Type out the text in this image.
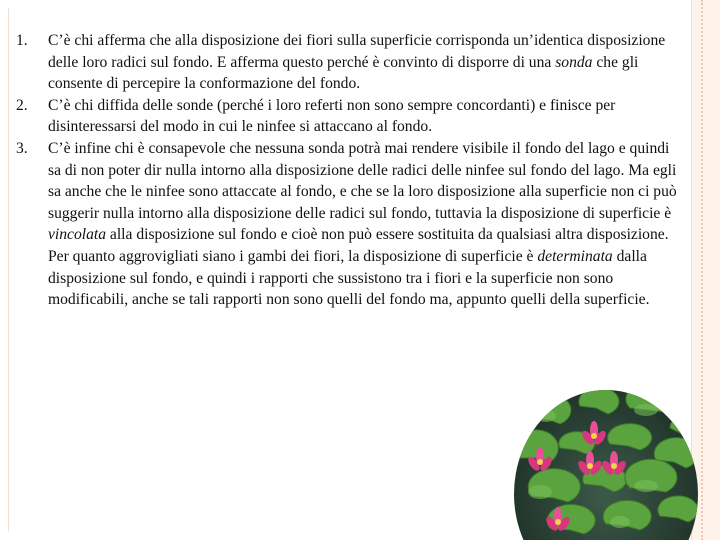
1. C’è chi afferma che alla disposizione dei fiori sulla superficie corrisponda un’identica disposizione delle loro radici sul fondo. E afferma questo perché è convinto di disporre di una sonda che gli consente di percepire la conformazione del fondo.
2. C’è chi diffida delle sonde (perché i loro referti non sono sempre concordanti) e finisce per disinteressarsi del modo in cui le ninfee si attaccano al fondo.
3. C’è infine chi è consapevole che nessuna sonda potrà mai rendere visibile il fondo del lago e quindi sa di non poter dir nulla intorno alla disposizione delle radici delle ninfee sul fondo del lago. Ma egli sa anche che le ninfee sono attaccate al fondo, e che se la loro disposizione alla superficie non ci può suggerir nulla intorno alla disposizione delle radici sul fondo, tuttavia la disposizione di superficie è vincolata alla disposizione sul fondo e cioè non può essere sostituita da qualsiasi altra disposizione. Per quanto aggrovigliati siano i gambi dei fiori, la disposizione di superficie è determinata dalla disposizione sul fondo, e quindi i rapporti che sussistono tra i fiori e la superficie non sono modificabili, anche se tali rapporti non sono quelli del fondo ma, appunto quelli della superficie.
